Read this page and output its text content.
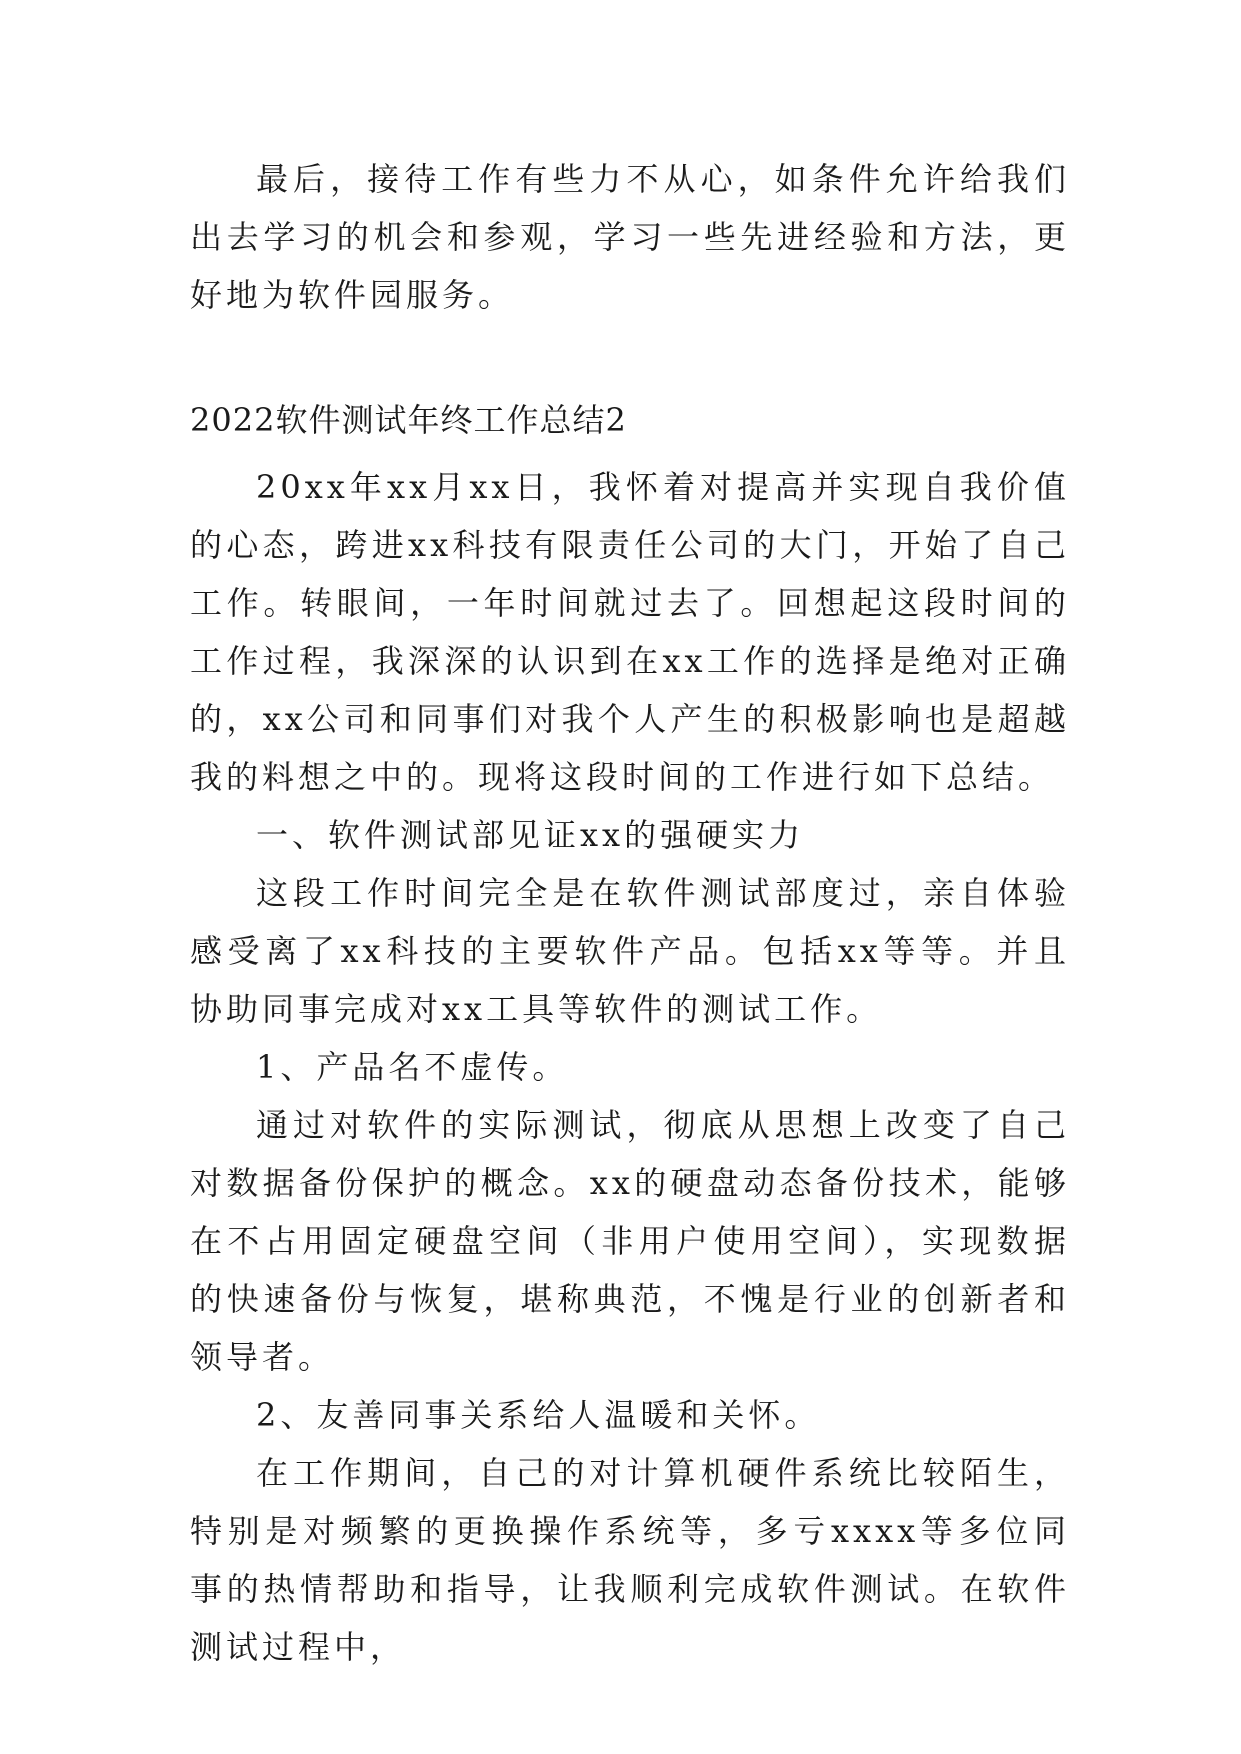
最后，接待工作有些力不从心，如条件允许给我们出去学习的机会和参观，学习一些先进经验和方法，更好地为软件园服务。

2022软件测试年终工作总结2

20xx年xx月xx日，我怀着对提高并实现自我价值的心态，跨进xx科技有限责任公司的大门，开始了自己工作。转眼间，一年时间就过去了。回想起这段时间的工作过程，我深深的认识到在xx工作的选择是绝对正确的，xx公司和同事们对我个人产生的积极影响也是超越我的料想之中的。现将这段时间的工作进行如下总结。

一、软件测试部见证xx的强硬实力

这段工作时间完全是在软件测试部度过，亲自体验感受离了xx科技的主要软件产品。包括xx等等。并且协助同事完成对xx工具等软件的测试工作。

1、产品名不虚传。

通过对软件的实际测试，彻底从思想上改变了自己对数据备份保护的概念。xx的硬盘动态备份技术，能够在不占用固定硬盘空间（非用户使用空间），实现数据的快速备份与恢复，堪称典范，不愧是行业的创新者和领导者。

2、友善同事关系给人温暖和关怀。

在工作期间，自己的对计算机硬件系统比较陌生，特别是对频繁的更换操作系统等，多亏xxxx等多位同事的热情帮助和指导，让我顺利完成软件测试。在软件测试过程中，
